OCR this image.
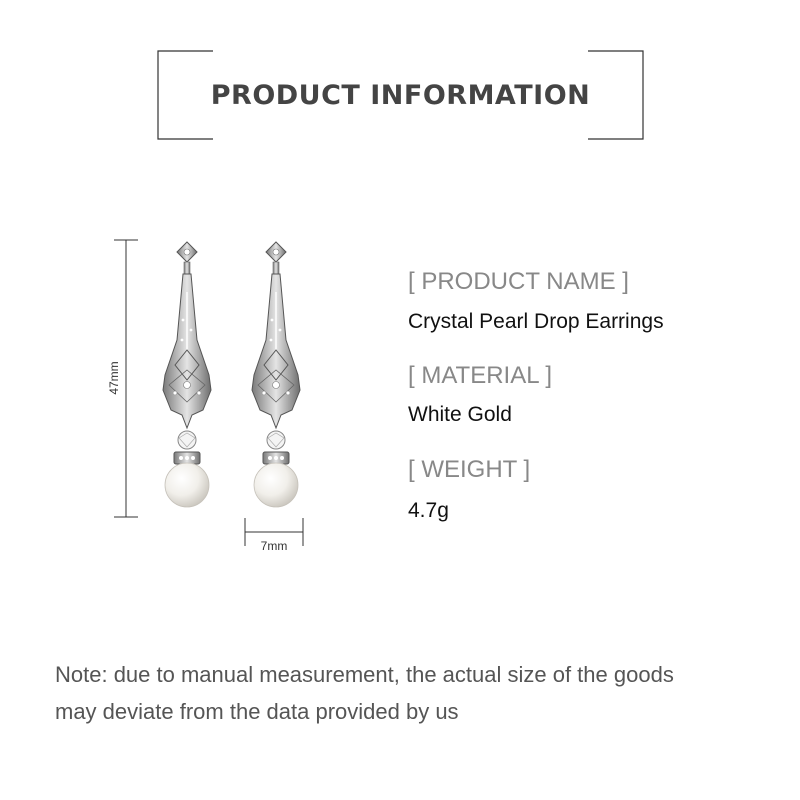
PRODUCT INFORMATION
47mm
7mm
[ PRODUCT NAME ]
Crystal Pearl Drop Earrings
[ MATERIAL ]
White Gold
[ WEIGHT ]
4.7g
Note: due to manual measurement, the actual size of the goods
may deviate from the data provided by us
